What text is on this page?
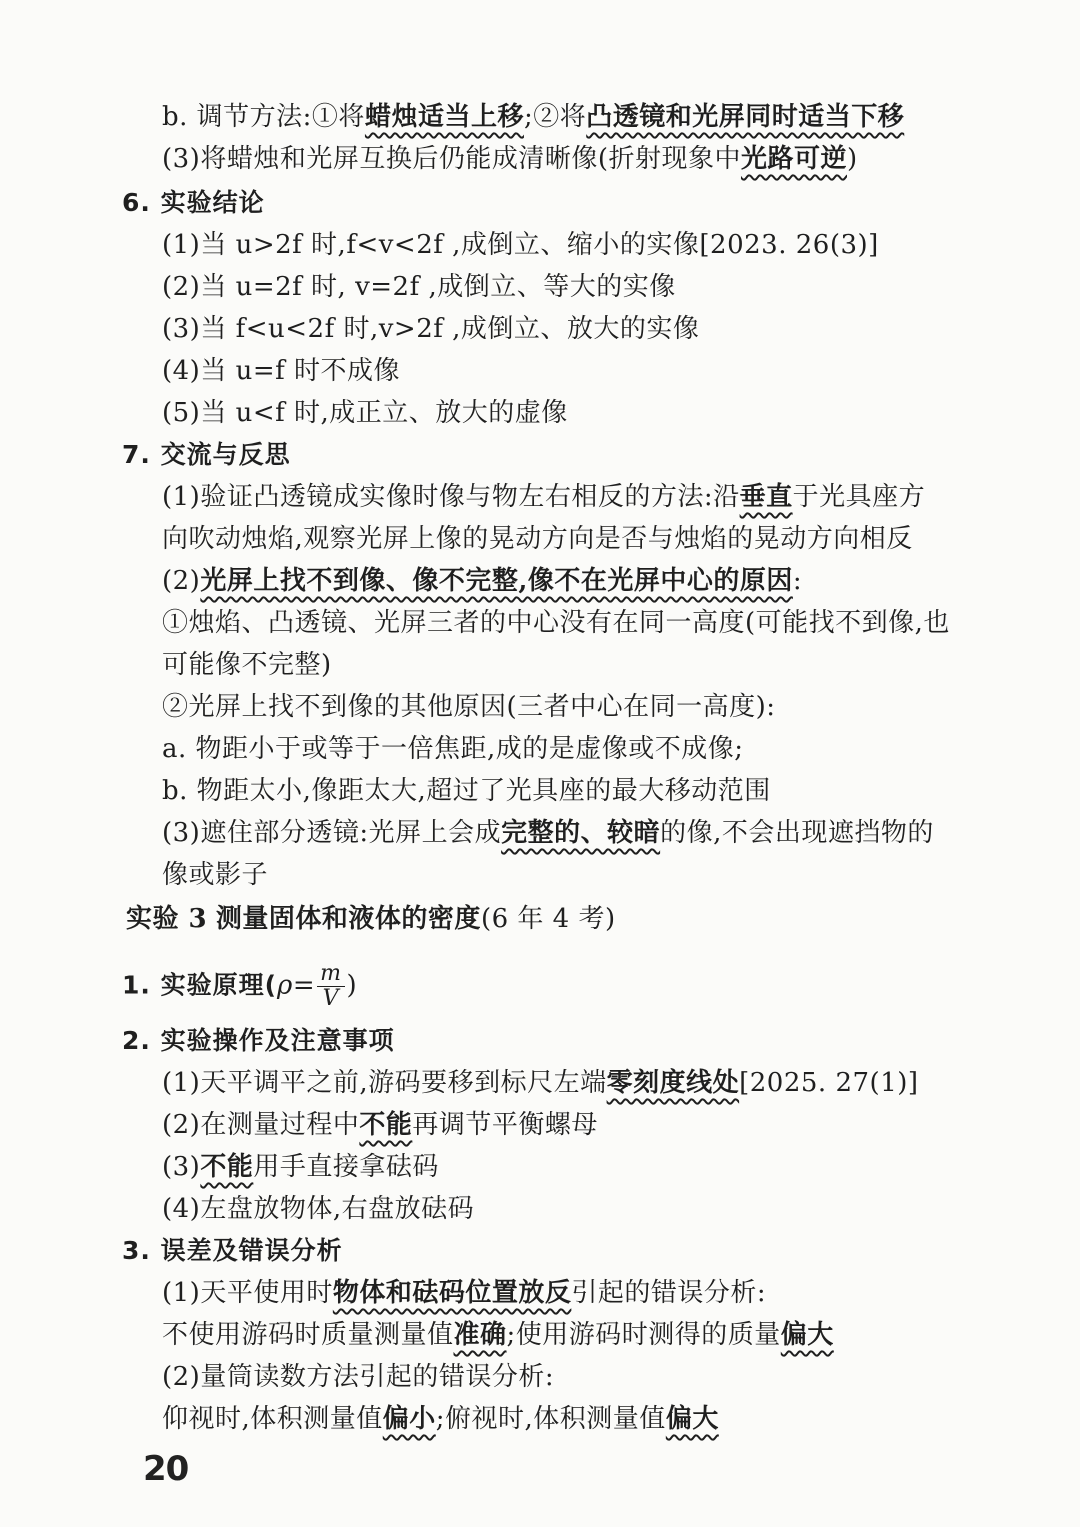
b. 调节方法:①将蜡烛适当上移;②将凸透镜和光屏同时适当下移
(3)将蜡烛和光屏互换后仍能成清晰像(折射现象中光路可逆)
6. 实验结论
(1)当 u>2f 时,f<v<2f ,成倒立、缩小的实像[2023. 26(3)]
(2)当 u=2f 时, v=2f ,成倒立、等大的实像
(3)当 f<u<2f 时,v>2f ,成倒立、放大的实像
(4)当 u=f 时不成像
(5)当 u<f 时,成正立、放大的虚像
7. 交流与反思
(1)验证凸透镜成实像时像与物左右相反的方法:沿垂直于光具座方
向吹动烛焰,观察光屏上像的晃动方向是否与烛焰的晃动方向相反
(2)光屏上找不到像、像不完整,像不在光屏中心的原因:
①烛焰、凸透镜、光屏三者的中心没有在同一高度(可能找不到像,也
可能像不完整)
②光屏上找不到像的其他原因(三者中心在同一高度):
a. 物距小于或等于一倍焦距,成的是虚像或不成像;
b. 物距太小,像距太大,超过了光具座的最大移动范围
(3)遮住部分透镜:光屏上会成完整的、较暗的像,不会出现遮挡物的
像或影子
实验 3 测量固体和液体的密度(6 年 4 考)
1. 实验原理($\rho= \frac{m}{V}$ )
2. 实验操作及注意事项
(1)天平调平之前,游码要移到标尺左端零刻度线处[2025. 27(1)]
(2)在测量过程中不能再调节平衡螺母
(3)不能用手直接拿砝码
(4)左盘放物体,右盘放砝码
3. 误差及错误分析
(1)天平使用时物体和砝码位置放反引起的错误分析:
不使用游码时质量测量值准确;使用游码时测得的质量偏大
(2)量筒读数方法引起的错误分析:
仰视时,体积测量值偏小;俯视时,体积测量值偏大
20
